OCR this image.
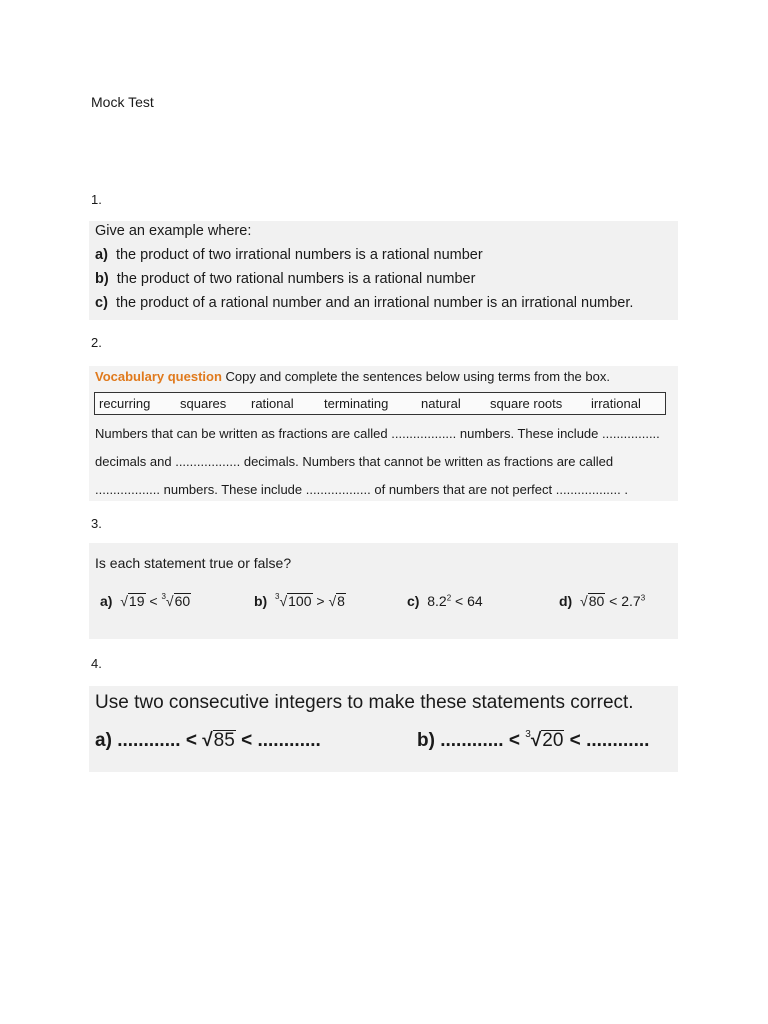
Mock Test
1.
Give an example where:
a) the product of two irrational numbers is a rational number
b) the product of two rational numbers is a rational number
c) the product of a rational number and an irrational number is an irrational number.
2.
Vocabulary question Copy and complete the sentences below using terms from the box.
recurring squares rational terminating	natural square roots irrational
Numbers that can be written as fractions are called .................. numbers. These include ................
decimals and .................. decimals. Numbers that cannot be written as fractions are called
.................. numbers. These include .................. of numbers that are not perfect .................. .
3.
Is each statement true or false?
a)  √19 < $^3$√60	b) $^3$√100 > √8	c) $8.2^2 < 64$	d)  $√80 < 2.7^3$
4.
Use two consecutive integers to make these statements correct.
a) ............ < √85 < ............	b) ............ < $^3$√20 < ............
